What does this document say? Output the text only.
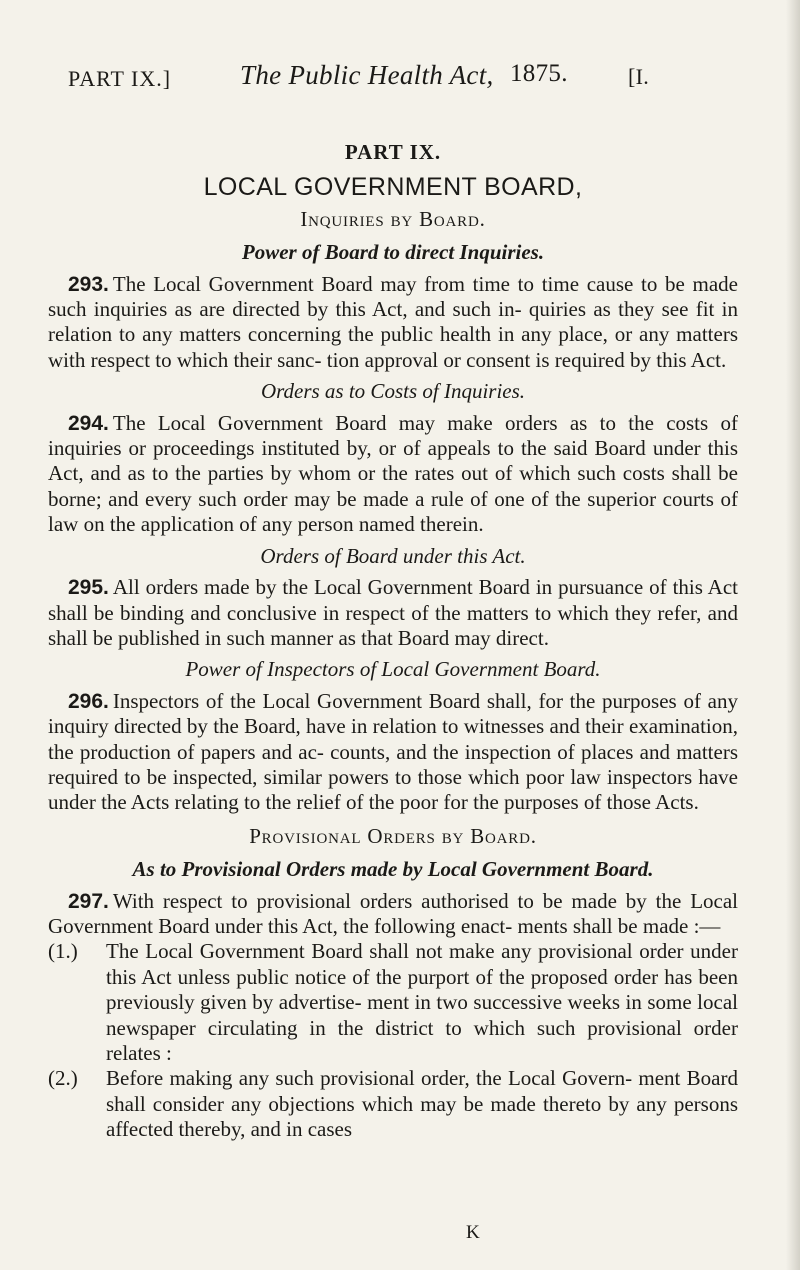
PART IX.]	The Public Health Act, 1875.	[I.

PART IX.

LOCAL GOVERNMENT BOARD,

Inquiries by Board.

Power of Board to direct Inquiries.

293. The Local Government Board may from time to time cause to be made such inquiries as are directed by this Act, and such in- quiries as they see fit in relation to any matters concerning the public health in any place, or any matters with respect to which their sanc- tion approval or consent is required by this Act.

Orders as to Costs of Inquiries.

294. The Local Government Board may make orders as to the costs of inquiries or proceedings instituted by, or of appeals to the said Board under this Act, and as to the parties by whom or the rates out of which such costs shall be borne; and every such order may be made a rule of one of the superior courts of law on the application of any person named therein.

Orders of Board under this Act.

295. All orders made by the Local Government Board in pursuance of this Act shall be binding and conclusive in respect of the matters to which they refer, and shall be published in such manner as that Board may direct.

Power of Inspectors of Local Government Board.

296. Inspectors of the Local Government Board shall, for the purposes of any inquiry directed by the Board, have in relation to witnesses and their examination, the production of papers and ac- counts, and the inspection of places and matters required to be inspected, similar powers to those which poor law inspectors have under the Acts relating to the relief of the poor for the purposes of those Acts.

Provisional Orders by Board.

As to Provisional Orders made by Local Government Board.

297. With respect to provisional orders authorised to be made by the Local Government Board under this Act, the following enact- ments shall be made :—

(1.) The Local Government Board shall not make any provisional order under this Act unless public notice of the purport of the proposed order has been previously given by advertise- ment in two successive weeks in some local newspaper circulating in the district to which such provisional order relates :

(2.) Before making any such provisional order, the Local Govern- ment Board shall consider any objections which may be made thereto by any persons affected thereby, and in cases

K
